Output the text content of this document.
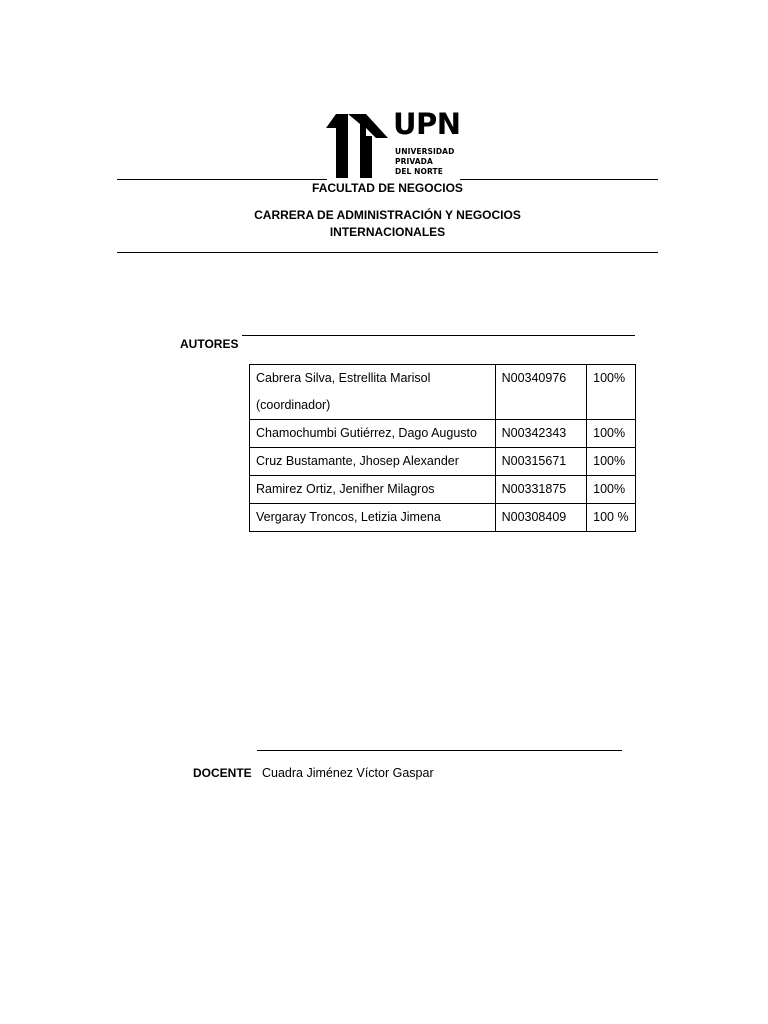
UPN
UNIVERSIDAD
PRIVADA
DEL NORTE
FACULTAD DE NEGOCIOS
CARRERA DE ADMINISTRACIÓN Y NEGOCIOS
INTERNACIONALES
AUTORES
Cabrera Silva, Estrellita Marisol
(coordinador)	N00340976	100%
Chamochumbi Gutiérrez, Dago Augusto	N00342343	100%
Cruz Bustamante, Jhosep Alexander	N00315671	100%
Ramirez Ortiz, Jenifher Milagros	N00331875	100%
Vergaray Troncos, Letizia Jimena	N00308409	100 %
DOCENTE Cuadra Jiménez Víctor Gaspar
